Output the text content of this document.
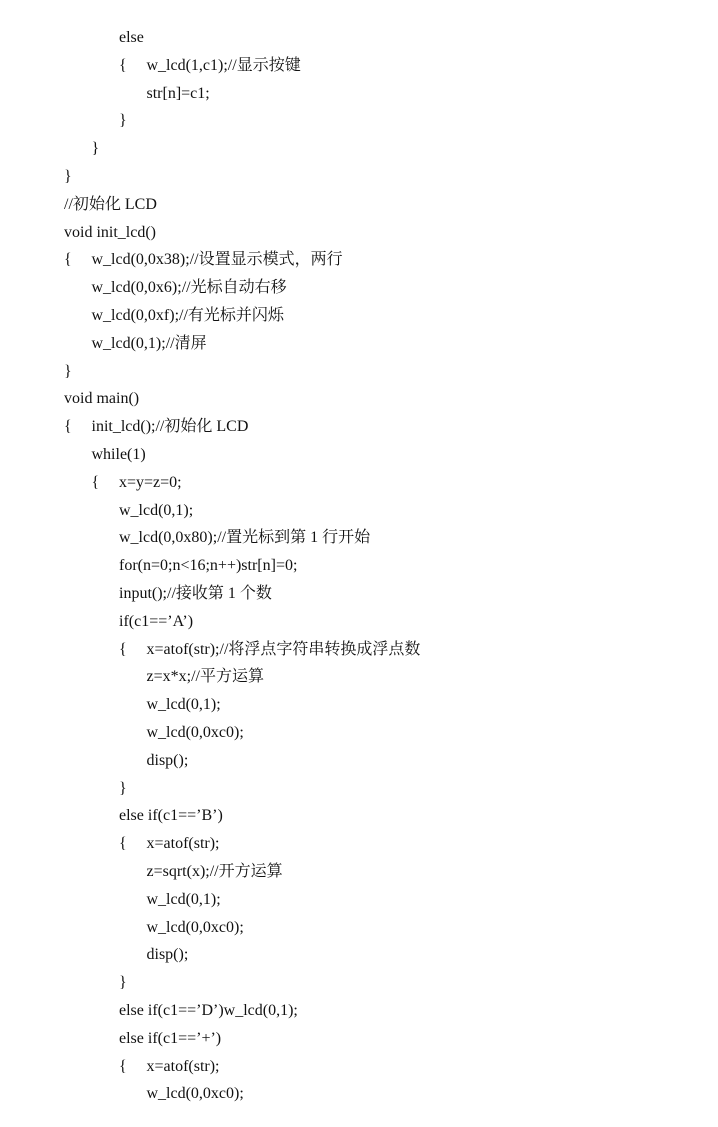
else
{ w_lcd(1,c1);//显示按键
str[n]=c1;
}
}
}
//初始化 LCD
void init_lcd()
{ w_lcd(0,0x38);//设置显示模式，两行
w_lcd(0,0x6);//光标自动右移
w_lcd(0,0xf);//有光标并闪烁
w_lcd(0,1);//清屏
}
void main()
{ init_lcd();//初始化 LCD
while(1)
{ x=y=z=0;
w_lcd(0,1);
w_lcd(0,0x80);//置光标到第 1 行开始
for(n=0;n<16;n++)str[n]=0;
input();//接收第 1 个数
if(c1==’A’)
{ x=atof(str);//将浮点字符串转换成浮点数
z=x*x;//平方运算
w_lcd(0,1);
w_lcd(0,0xc0);
disp();
}
else if(c1==’B’)
{ x=atof(str);
z=sqrt(x);//开方运算
w_lcd(0,1);
w_lcd(0,0xc0);
disp();
}
else if(c1==’D’)w_lcd(0,1);
else if(c1==’+’)
{ x=atof(str);
w_lcd(0,0xc0);
